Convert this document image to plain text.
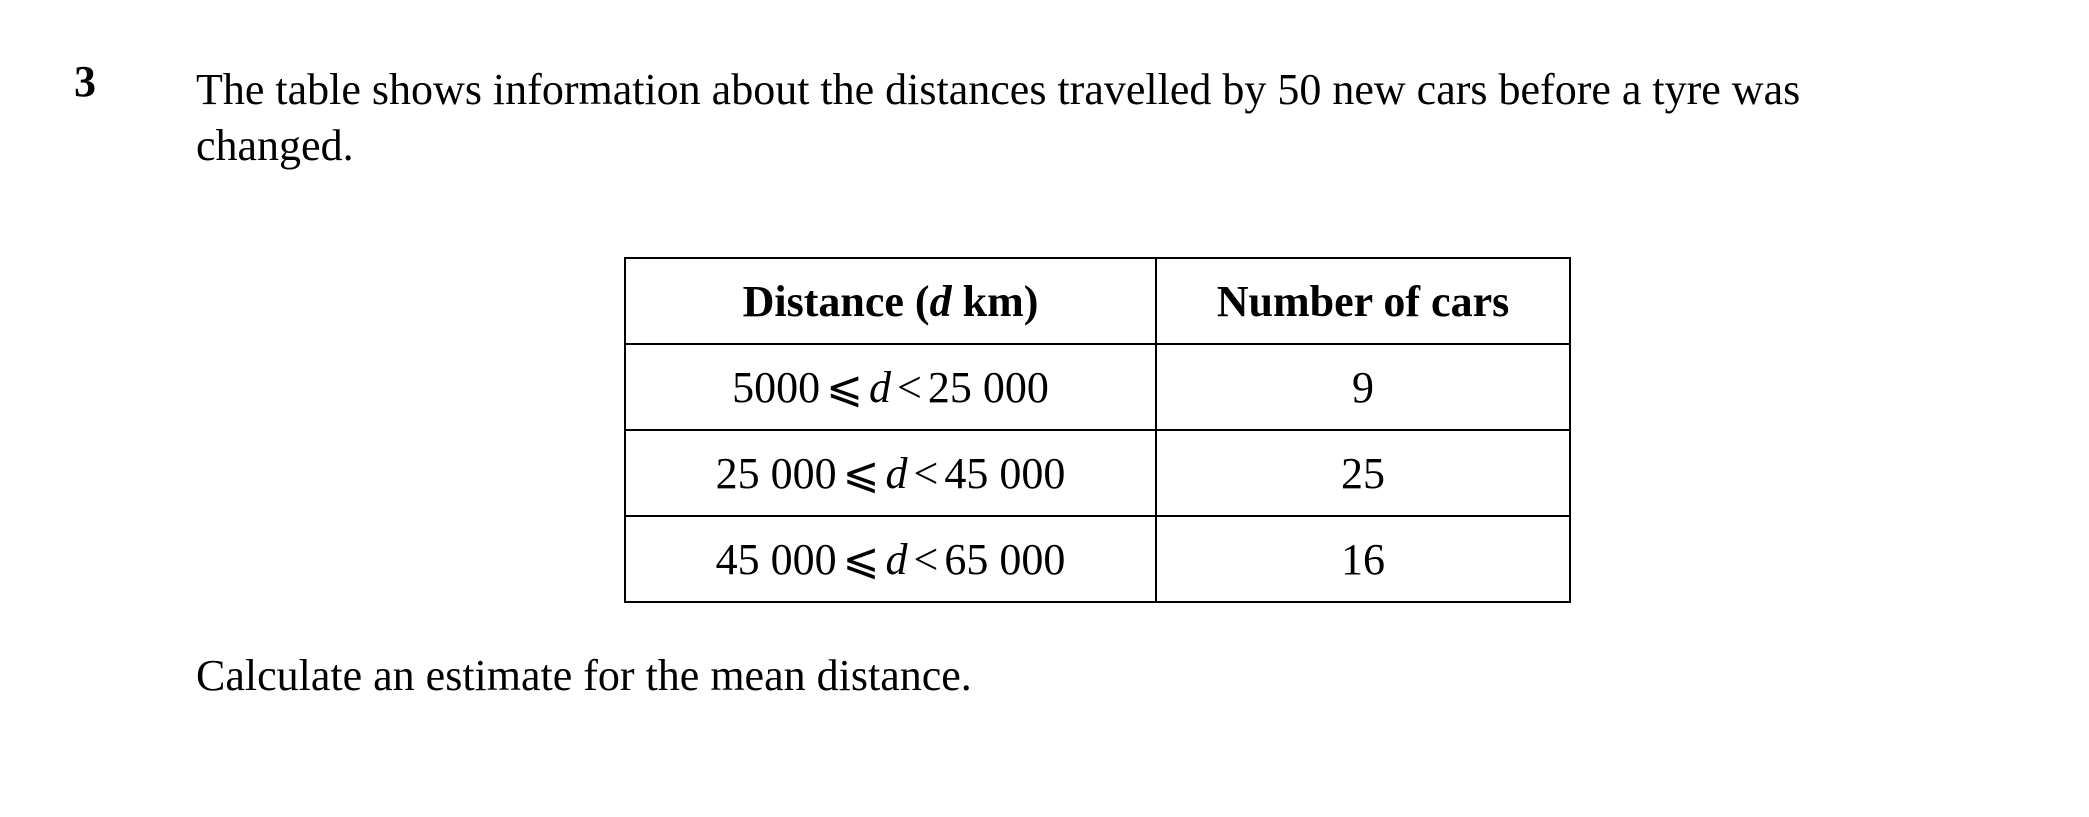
3 The table shows information about the distances travelled by 50 new cars before a tyre was
changed.
Distance (d km)	Number of cars
5000 ⩽ d < 25 000	9
25 000 ⩽ d < 45 000	25
45 000 ⩽ d < 65 000	16
Calculate an estimate for the mean distance.
